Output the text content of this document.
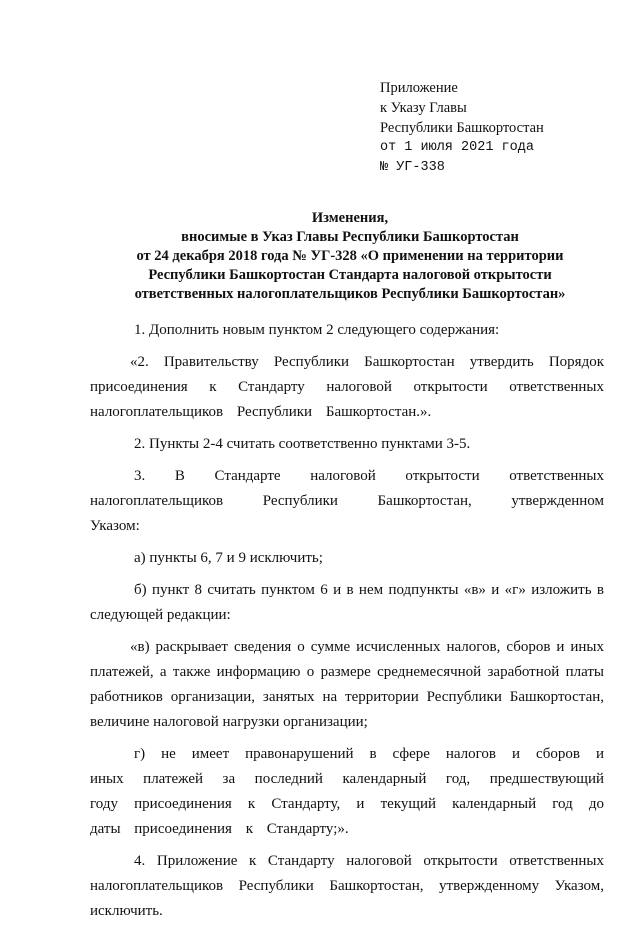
Приложение
к Указу Главы
Республики Башкортостан
от 1 июля 2021 года
№ УГ-338
Изменения,
вносимые в Указ Главы Республики Башкортостан
от 24 декабря 2018 года № УГ-328 «О применении на территории
Республики Башкортостан Стандарта налоговой открытости
ответственных налогоплательщиков Республики Башкортостан»

1. Дополнить новым пунктом 2 следующего содержания:

«2. Правительству Республики Башкортостан утвердить Порядок присоединения к Стандарту налоговой открытости ответственных налогоплательщиков Республики Башкортостан.».

2. Пункты 2-4 считать соответственно пунктами 3-5.

3. В Стандарте налоговой открытости ответственных налогоплательщиков Республики Башкортостан, утвержденном Указом:

а) пункты 6, 7 и 9 исключить;

б) пункт 8 считать пунктом 6 и в нем подпункты «в» и «г» изложить в следующей редакции:

«в) раскрывает сведения о сумме исчисленных налогов, сборов и иных платежей, а также информацию о размере среднемесячной заработной платы работников организации, занятых на территории Республики Башкортостан, величине налоговой нагрузки организации;

г) не имеет правонарушений в сфере налогов и сборов и иных платежей за последний календарный год, предшествующий году присоединения к Стандарту, и текущий календарный год до даты присоединения к Стандарту;».

4. Приложение к Стандарту налоговой открытости ответственных налогоплательщиков Республики Башкортостан, утвержденному Указом, исключить.
